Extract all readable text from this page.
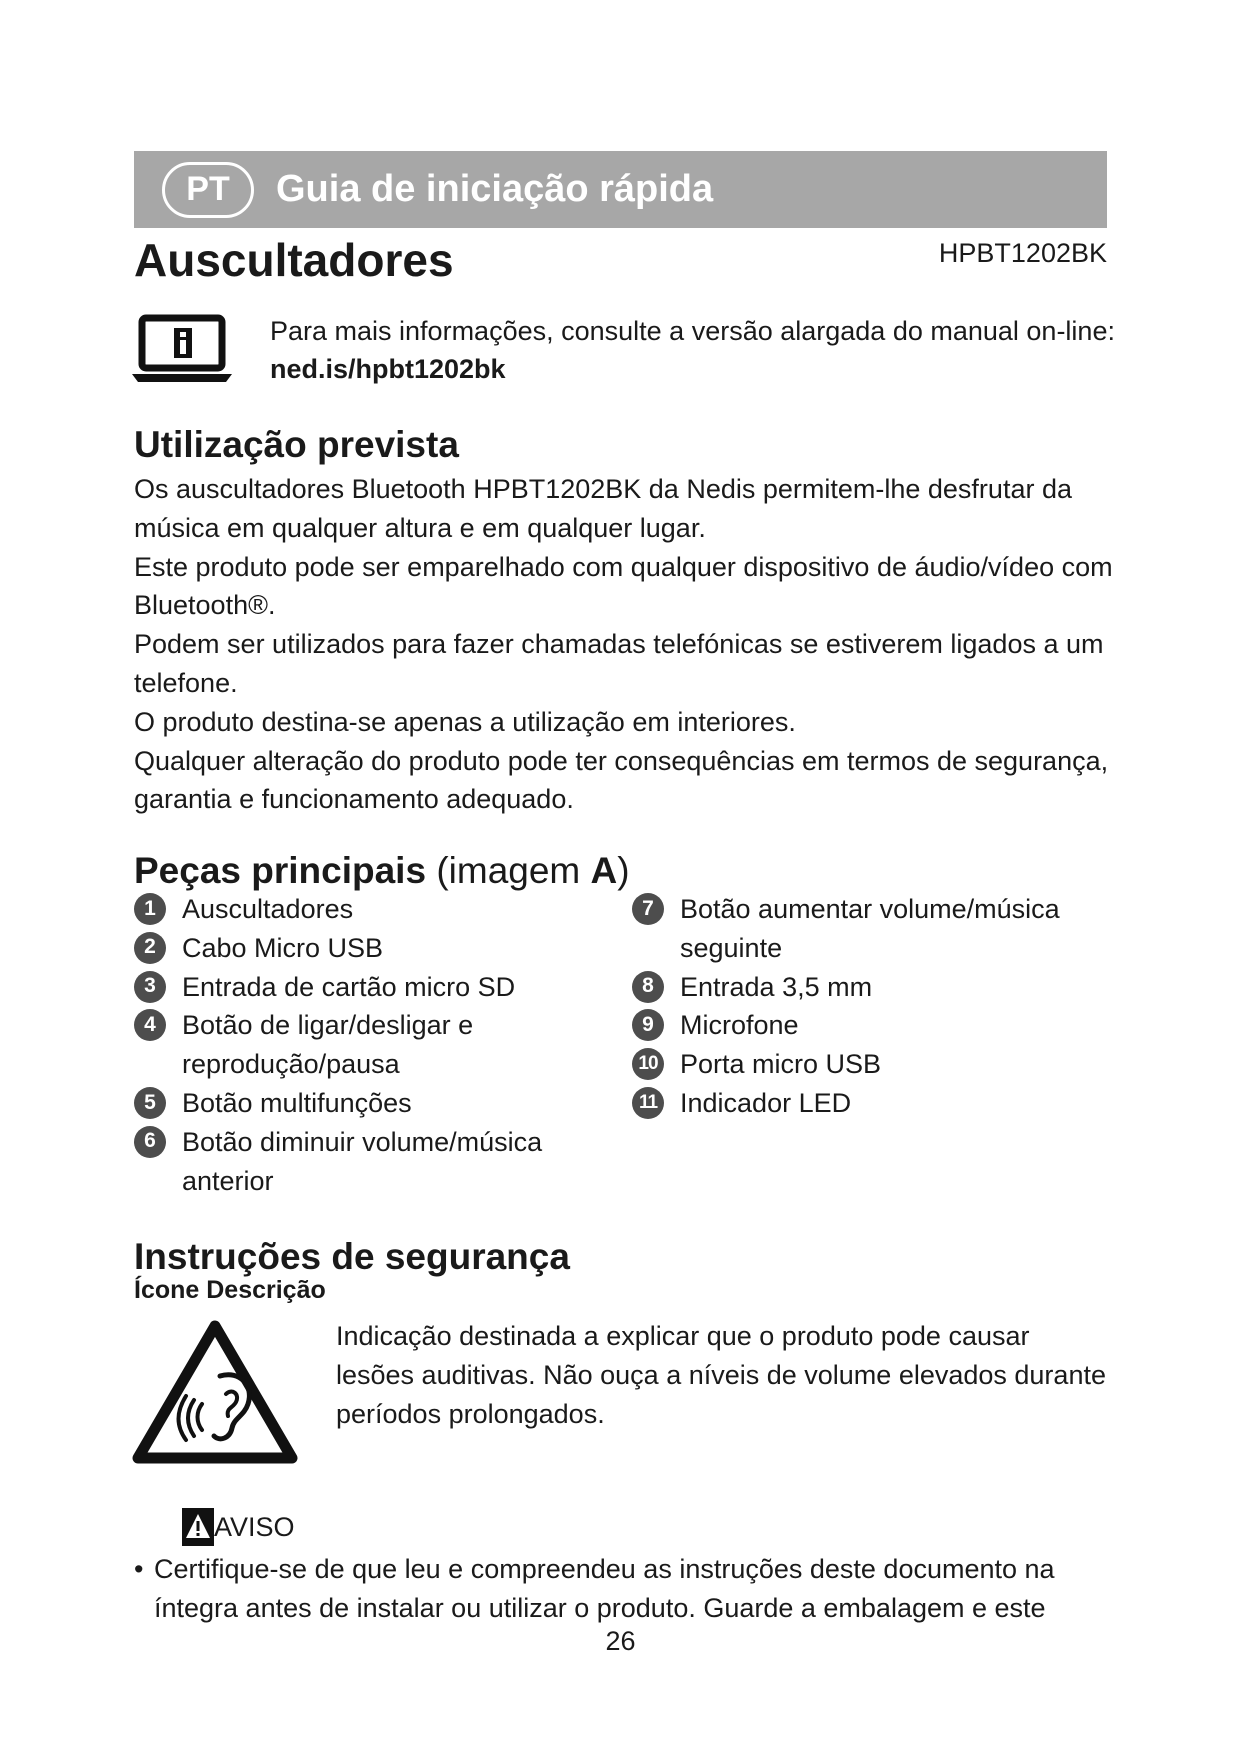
PT	Guia de iniciação rápida
Auscultadores	HPBT1202BK
Para mais informações, consulte a versão alargada do manual on-line:
ned.is/hpbt1202bk
Utilização prevista

Os auscultadores Bluetooth HPBT1202BK da Nedis permitem-lhe desfrutar da música em qualquer altura e em qualquer lugar.

Este produto pode ser emparelhado com qualquer dispositivo de áudio/vídeo com Bluetooth®.

Podem ser utilizados para fazer chamadas telefónicas se estiverem ligados a um telefone.

O produto destina-se apenas a utilização em interiores.

Qualquer alteração do produto pode ter consequências em termos de segurança, garantia e funcionamento adequado.

Peças principais (imagem A)
1 Auscultadores
2 Cabo Micro USB
3 Entrada de cartão micro SD
4 Botão de ligar/desligar e reprodução/pausa
5 Botão multifunções
6 Botão diminuir volume/música anterior
7 Botão aumentar volume/música seguinte
8 Entrada 3,5 mm
9 Microfone
10 Porta micro USB
11 Indicador LED
Instruções de segurança
Ícone Descrição
Indicação destinada a explicar que o produto pode causar lesões auditivas. Não ouça a níveis de volume elevados durante períodos prolongados.
AVISO
• Certifique-se de que leu e compreendeu as instruções deste documento na íntegra antes de instalar ou utilizar o produto. Guarde a embalagem e este
26
